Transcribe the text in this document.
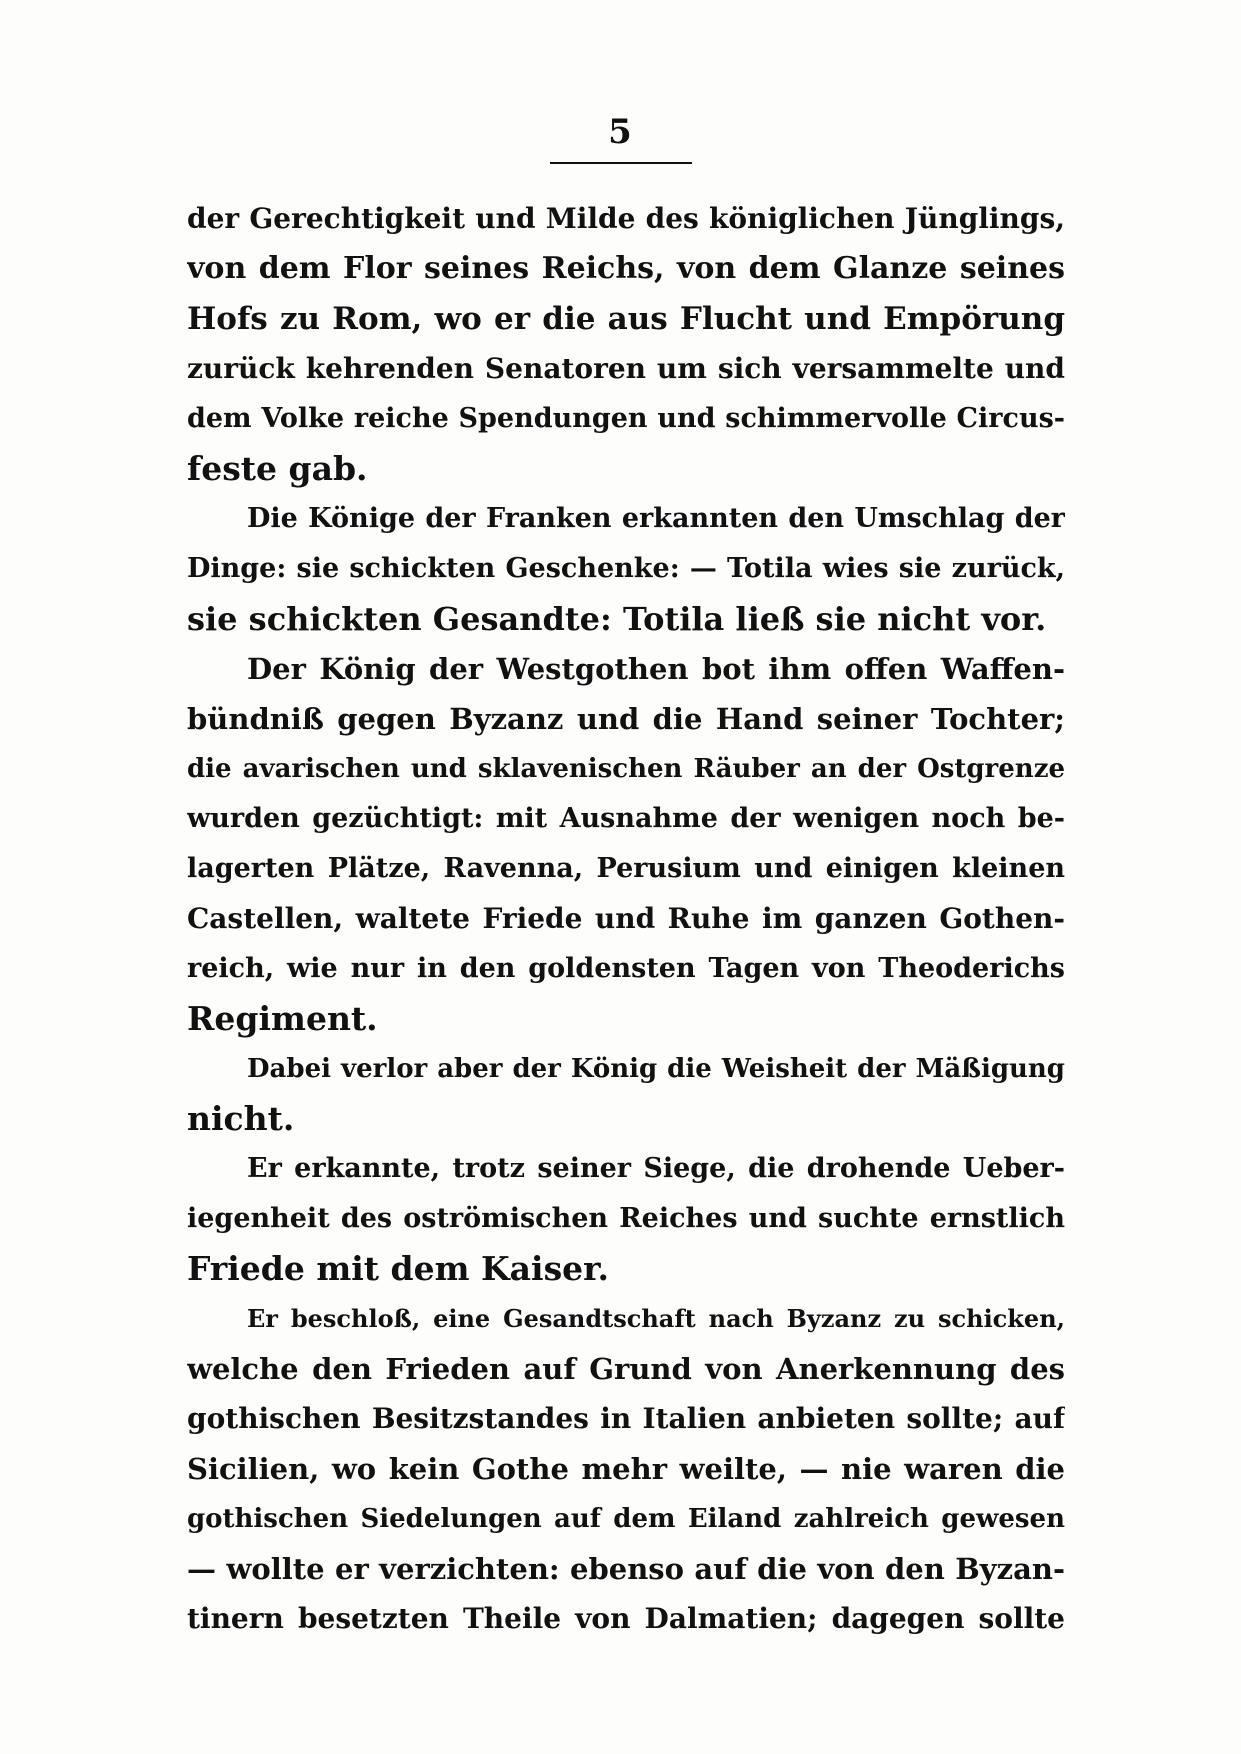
5
der Gerechtigkeit und Milde des königlichen Jünglings,
von dem Flor seines Reichs, von dem Glanze seines
Hofs zu Rom, wo er die aus Flucht und Empörung
zurück kehrenden Senatoren um sich versammelte und
dem Volke reiche Spendungen und schimmervolle Circus-
feste gab.
Die Könige der Franken erkannten den Umschlag der
Dinge: sie schickten Geschenke: — Totila wies sie zurück,
sie schickten Gesandte: Totila ließ sie nicht vor.
Der König der Westgothen bot ihm offen Waffen-
bündniß gegen Byzanz und die Hand seiner Tochter;
die avarischen und sklavenischen Räuber an der Ostgrenze
wurden gezüchtigt: mit Ausnahme der wenigen noch be-
lagerten Plätze, Ravenna, Perusium und einigen kleinen
Castellen, waltete Friede und Ruhe im ganzen Gothen-
reich, wie nur in den goldensten Tagen von Theoderichs
Regiment.
Dabei verlor aber der König die Weisheit der Mäßigung
nicht.
Er erkannte, trotz seiner Siege, die drohende Ueber-
iegenheit des oströmischen Reiches und suchte ernstlich
Friede mit dem Kaiser.
Er beschloß, eine Gesandtschaft nach Byzanz zu schicken,
welche den Frieden auf Grund von Anerkennung des
gothischen Besitzstandes in Italien anbieten sollte; auf
Sicilien, wo kein Gothe mehr weilte, — nie waren die
gothischen Siedelungen auf dem Eiland zahlreich gewesen
— wollte er verzichten: ebenso auf die von den Byzan-
tinern besetzten Theile von Dalmatien; dagegen sollte
